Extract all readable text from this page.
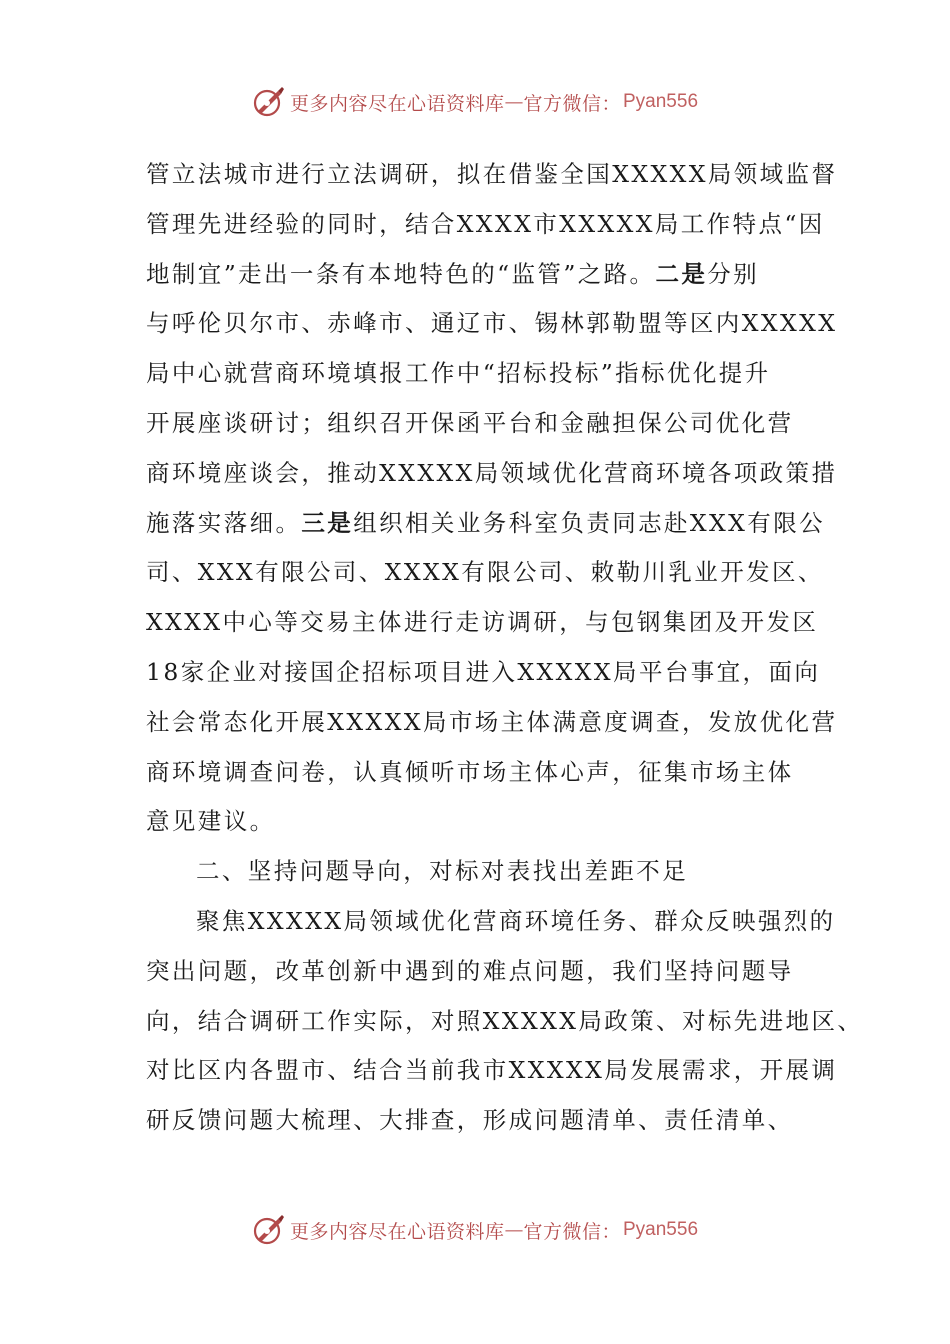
更多内容尽在心语资料库 — 官方微信： Pyan556
管立法城市进行立法调研，拟在借鉴全国XXXXX局领域监督
管理先进经验的同时，结合XXXX市XXXXX局工作特点“因
地制宜”走出一条有本地特色的“监管”之路。二是分别
与呼伦贝尔市、赤峰市、通辽市、锡林郭勒盟等区内XXXXX
局中心就营商环境填报工作中“招标投标”指标优化提升
开展座谈研讨；组织召开保函平台和金融担保公司优化营
商环境座谈会，推动XXXXX局领域优化营商环境各项政策措
施落实落细。三是组织相关业务科室负责同志赴XXX有限公
司、XXX有限公司、XXXX有限公司、敕勒川乳业开发区、
XXXX中心等交易主体进行走访调研，与包钢集团及开发区
18家企业对接国企招标项目进入XXXXX局平台事宜，面向
社会常态化开展XXXXX局市场主体满意度调查，发放优化营
商环境调查问卷，认真倾听市场主体心声，征集市场主体
意见建议。
二、坚持问题导向，对标对表找出差距不足
聚焦XXXXX局领域优化营商环境任务、群众反映强烈的
突出问题，改革创新中遇到的难点问题，我们坚持问题导
向，结合调研工作实际，对照XXXXX局政策、对标先进地区、
对比区内各盟市、结合当前我市XXXXX局发展需求，开展调
研反馈问题大梳理、大排查，形成问题清单、责任清单、
更多内容尽在心语资料库 — 官方微信： Pyan556
